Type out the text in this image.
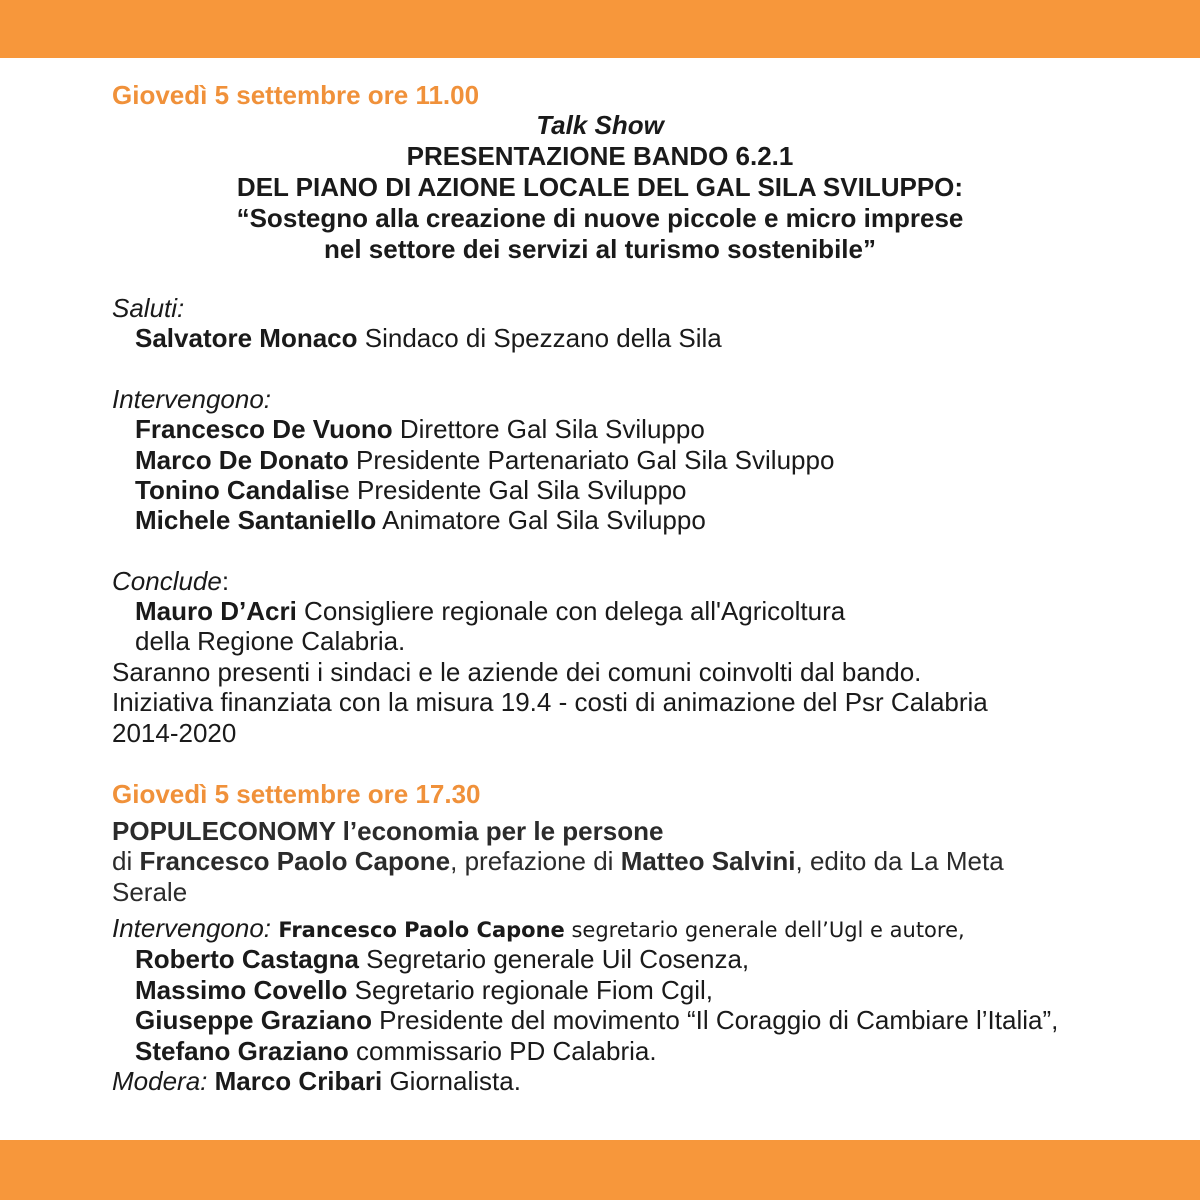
Giovedì 5 settembre ore 11.00
Talk Show
PRESENTAZIONE BANDO 6.2.1
DEL PIANO DI AZIONE LOCALE DEL GAL SILA SVILUPPO:
“Sostegno alla creazione di nuove piccole e micro imprese
nel settore dei servizi al turismo sostenibile”
Saluti:
Salvatore Monaco Sindaco di Spezzano della Sila
Intervengono:
Francesco De Vuono Direttore Gal Sila Sviluppo
Marco De Donato Presidente Partenariato Gal Sila Sviluppo
Tonino Candalise Presidente Gal Sila Sviluppo
Michele Santaniello Animatore Gal Sila Sviluppo
Conclude:
Mauro D’Acri Consigliere regionale con delega all'Agricoltura
della Regione Calabria.
Saranno presenti i sindaci e le aziende dei comuni coinvolti dal bando.
Iniziativa finanziata con la misura 19.4 - costi di animazione del Psr Calabria
2014-2020
Giovedì 5 settembre ore 17.30
POPULECONOMY l’economia per le persone
di Francesco Paolo Capone, prefazione di Matteo Salvini, edito da La Meta
Serale
Intervengono: Francesco Paolo Capone segretario generale dell’Ugl e autore,
Roberto Castagna Segretario generale Uil Cosenza,
Massimo Covello Segretario regionale Fiom Cgil,
Giuseppe Graziano Presidente del movimento “Il Coraggio di Cambiare l’Italia”,
Stefano Graziano commissario PD Calabria.
Modera: Marco Cribari Giornalista.
